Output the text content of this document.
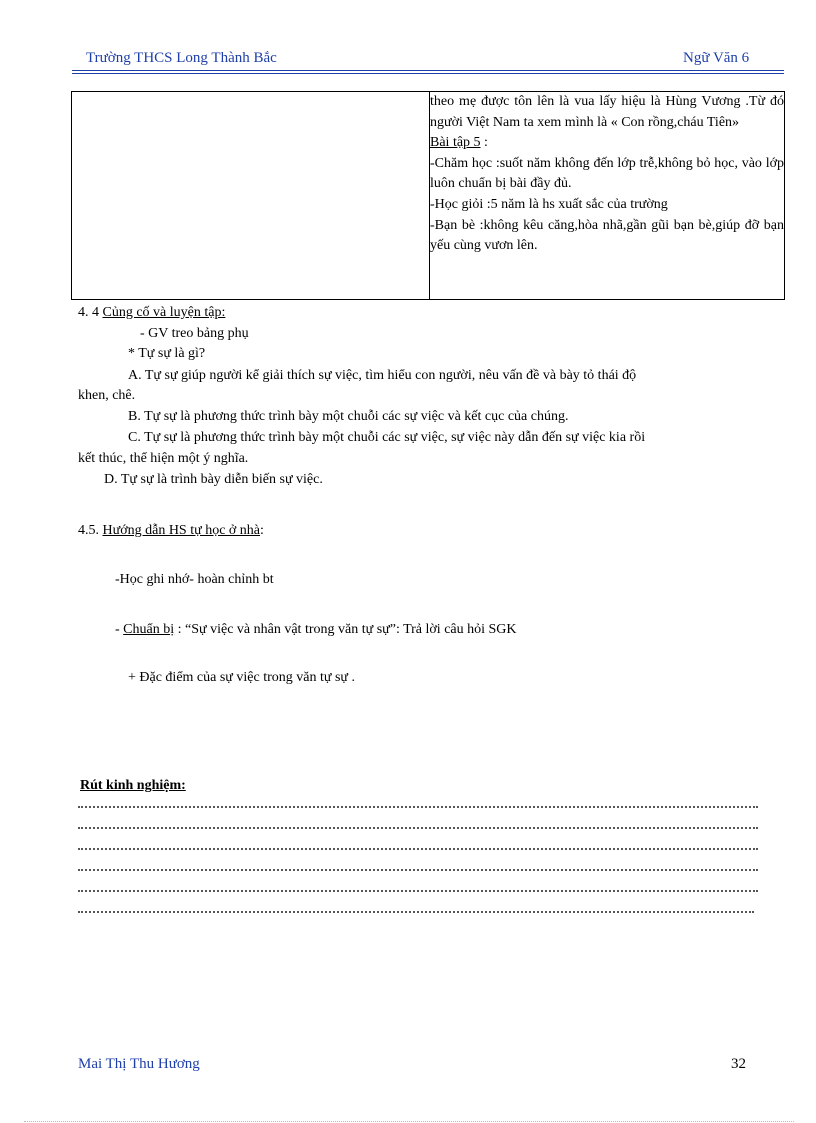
Trường THCS Long Thành Bắc	Ngữ Văn 6

theo mẹ được tôn lên là vua lấy hiệu là Hùng Vương .Từ đó người Việt Nam ta xem mình là « Con rồng,cháu Tiên»
Bài tập 5 :
-Chăm học :suốt năm không đến lớp trễ,không bỏ học, vào lớp luôn chuẩn bị bài đầy đủ.
-Học giỏi :5 năm là hs xuất sắc của trường
-Bạn bè :không kêu căng,hòa nhã,gần gũi bạn bè,giúp đỡ bạn yếu cùng vươn lên.
4. 4 Củng cố và luyện tập:
- GV treo bảng phụ
* Tự sự là gì?
A. Tự sự giúp người kể giải thích sự việc, tìm hiểu con người, nêu vấn đề và bày tỏ thái độ
khen, chê.
B. Tự sự là phương thức trình bày một chuỗi các sự việc và kết cục của chúng.
C. Tự sự là phương thức trình bày một chuỗi các sự việc, sự việc này dẫn đến sự việc kia rồi
kết thúc, thể hiện một ý nghĩa.
D. Tự sự là trình bày diễn biến sự việc.
4.5. Hướng dẫn HS tự học ở nhà:
-Học ghi nhớ- hoàn chỉnh bt
- Chuẩn bị : “Sự việc và nhân vật trong văn tự sự”: Trả lời câu hỏi SGK
+ Đặc điểm của sự việc trong văn tự sự .
Rút kinh nghiệm:
Mai Thị Thu Hương	32
